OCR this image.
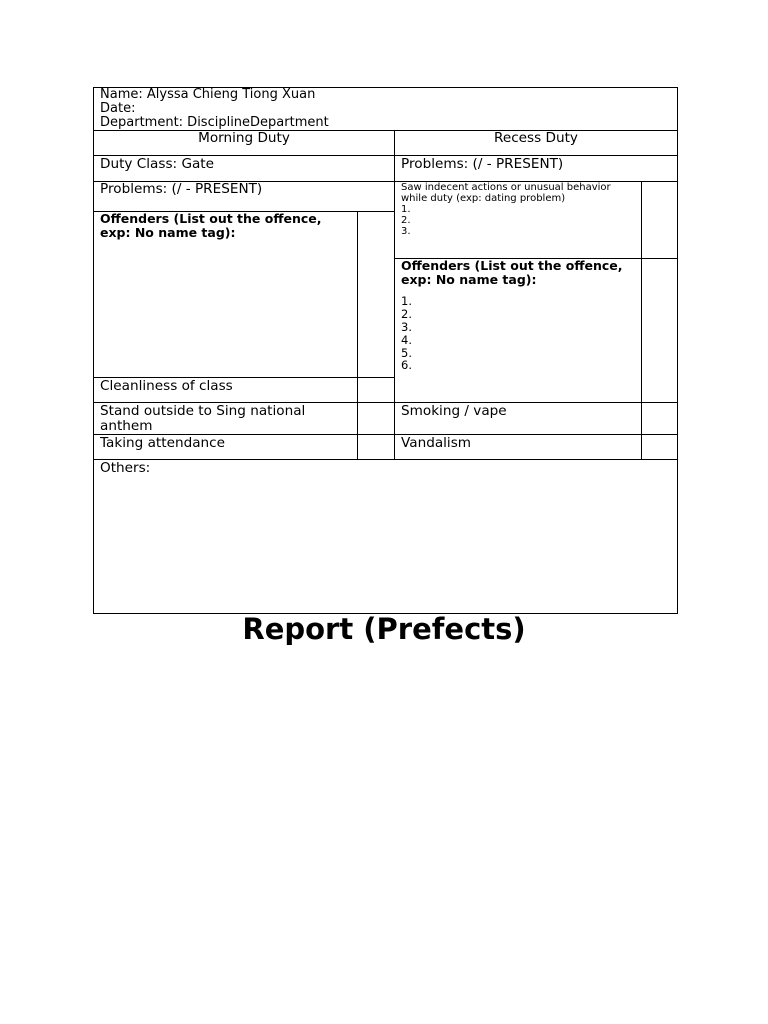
Name: Alyssa Chieng Tiong Xuan
Date:
Department: DisciplineDepartment
Morning Duty	Recess Duty
Duty Class: Gate
Problems: (/ - PRESENT)
Offenders (List out the offence,
exp: No name tag):
Cleanliness of class
Stand outside to Sing national
anthem
Taking attendance
Problems: (/ - PRESENT)
Saw indecent actions or unusual behavior
while duty (exp: dating problem)
1.
2.
3.
Offenders (List out the offence,
exp: No name tag):
1.
2.
3.
4.
5.
6.
Smoking / vape
Vandalism
Others:
Report (Prefects)
